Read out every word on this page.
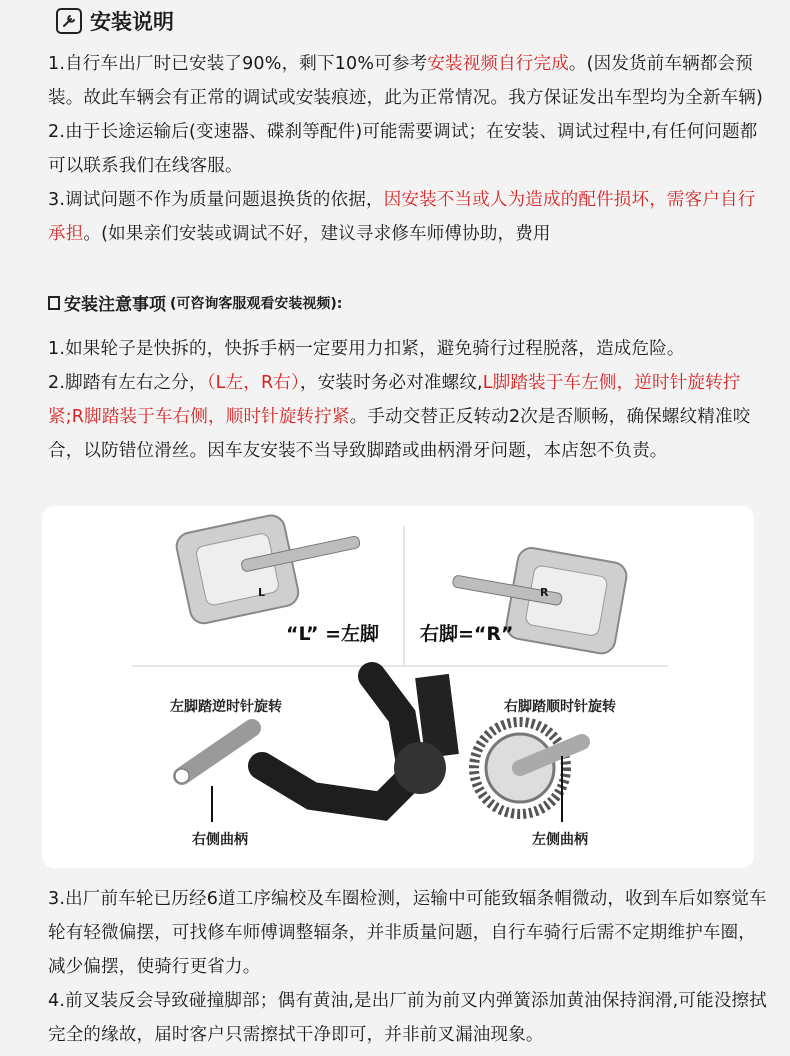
安装说明

1.自行车出厂时已安装了90%，剩下10%可参考安装视频自行完成。(因发货前车辆都会预装。故此车辆会有正常的调试或安装痕迹，此为正常情况。我方保证发出车型均为全新车辆)

2.由于长途运输后(变速器、碟刹等配件)可能需要调试；在安装、调试过程中,有任何问题都可以联系我们在线客服。

3.调试问题不作为质量问题退换货的依据，因安装不当或人为造成的配件损坏，需客户自行承担。(如果亲们安装或调试不好，建议寻求修车师傅协助，费用

安装注意事项 (可咨询客服观看安装视频):

1.如果轮子是快拆的，快拆手柄一定要用力扣紧，避免骑行过程脱落，造成危险。

2.脚踏有左右之分，（L左，R右），安装时务必对准螺纹,L脚踏装于车左侧，逆时针旋转拧紧;R脚踏装于车右侧，顺时针旋转拧紧。手动交替正反转动2次是否顺畅，确保螺纹精准咬合，以防错位滑丝。因车友安装不当导致脚踏或曲柄滑牙问题，本店恕不负责。

L	R
“L” =左脚 右脚=“R”
左脚踏逆时针旋转	右脚踏顺时针旋转
右侧曲柄	左侧曲柄

3.出厂前车轮已历经6道工序编校及车圈检测，运输中可能致辐条帽微动，收到车后如察觉车轮有轻微偏摆，可找修车师傅调整辐条，并非质量问题，自行车骑行后需不定期维护车圈，减少偏摆，使骑行更省力。

4.前叉装反会导致碰撞脚部；偶有黄油,是出厂前为前叉内弹簧添加黄油保持润滑,可能没擦拭完全的缘故，届时客户只需擦拭干净即可，并非前叉漏油现象。
